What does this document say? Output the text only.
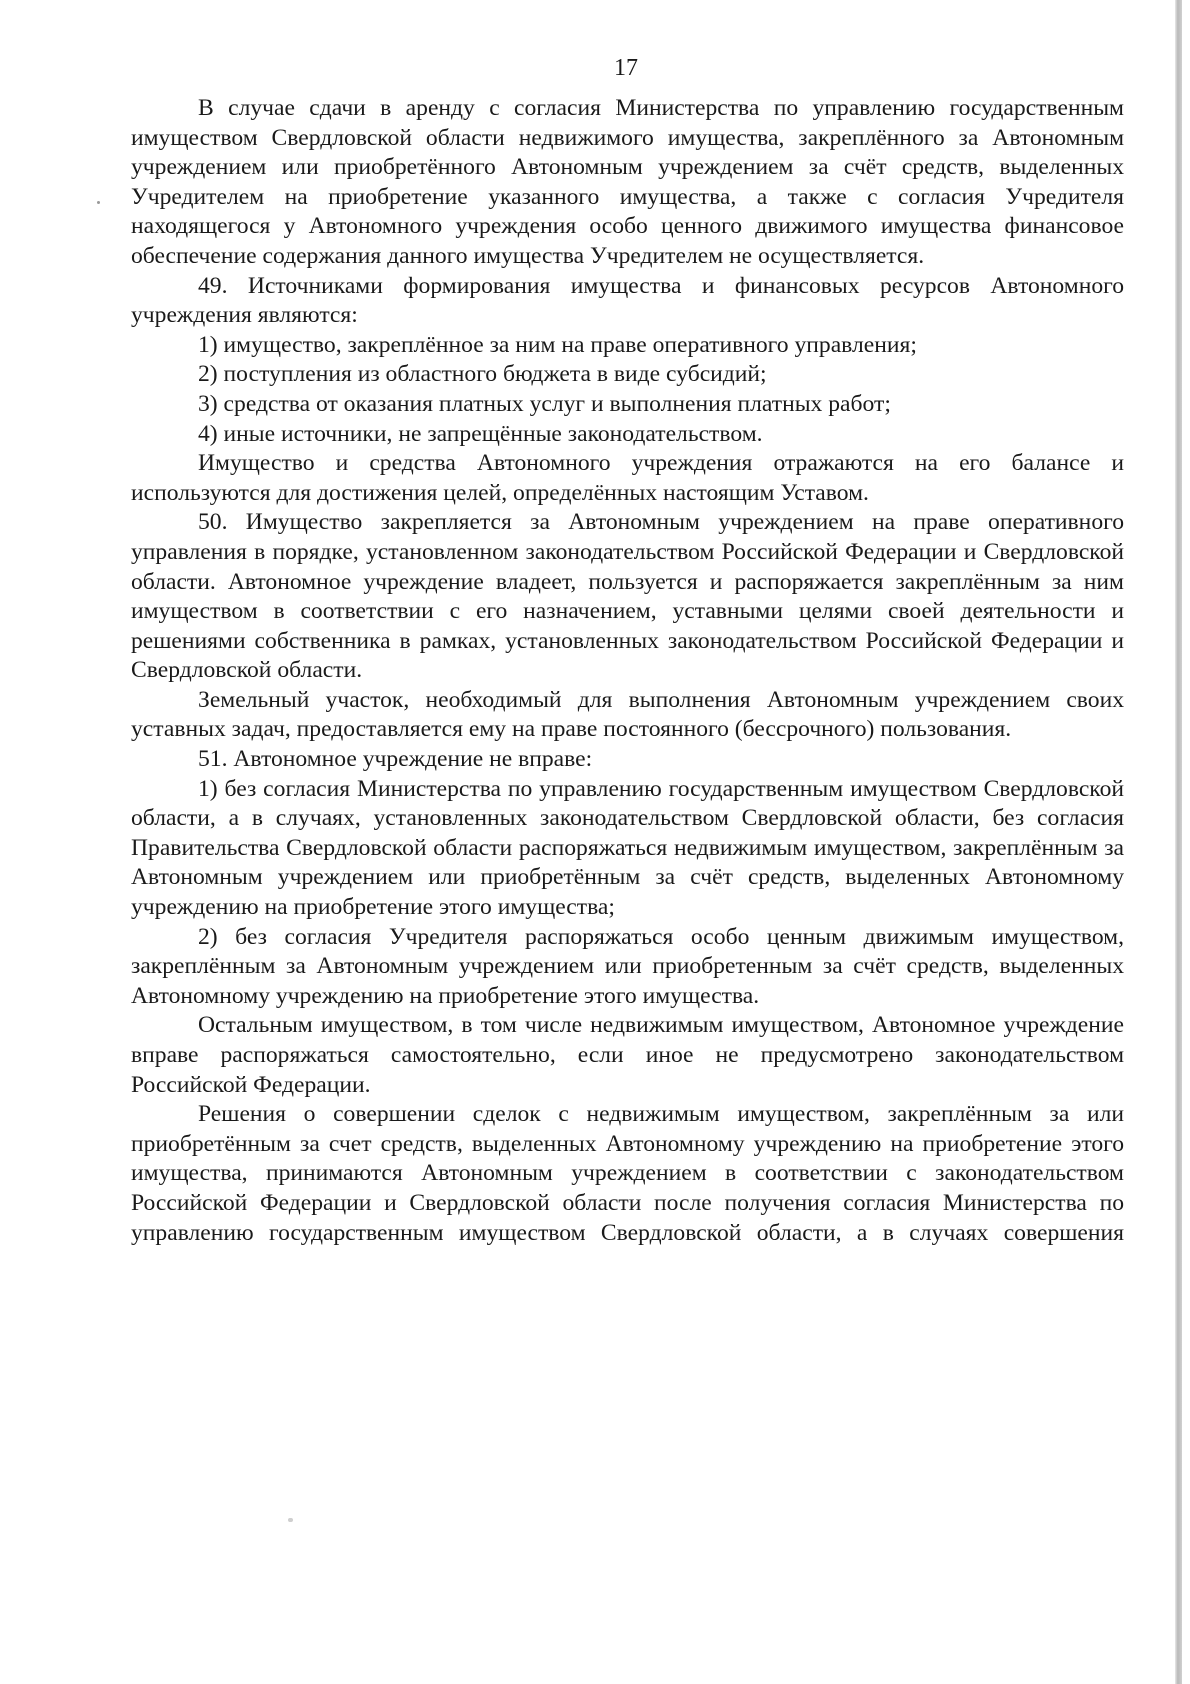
17

В случае сдачи в аренду с согласия Министерства по управлению государственным имуществом Свердловской области недвижимого имущества, закреплённого за Автономным учреждением или приобретённого Автономным учреждением за счёт средств, выделенных Учредителем на приобретение указанного имущества, а также с согласия Учредителя находящегося у Автономного учреждения особо ценного движимого имущества финансовое обеспечение содержания данного имущества Учредителем не осуществляется.

49. Источниками формирования имущества и финансовых ресурсов Автономного учреждения являются:

1) имущество, закреплённое за ним на праве оперативного управления;

2) поступления из областного бюджета в виде субсидий;

3) средства от оказания платных услуг и выполнения платных работ;

4) иные источники, не запрещённые законодательством.

Имущество и средства Автономного учреждения отражаются на его балансе и используются для достижения целей, определённых настоящим Уставом.

50. Имущество закрепляется за Автономным учреждением на праве оперативного управления в порядке, установленном законодательством Российской Федерации и Свердловской области. Автономное учреждение владеет, пользуется и распоряжается закреплённым за ним имуществом в соответствии с его назначением, уставными целями своей деятельности и решениями собственника в рамках, установленных законодательством Российской Федерации и Свердловской области.

Земельный участок, необходимый для выполнения Автономным учреждением своих уставных задач, предоставляется ему на праве постоянного (бессрочного) пользования.

51. Автономное учреждение не вправе:

1) без согласия Министерства по управлению государственным имуществом Свердловской области, а в случаях, установленных законодательством Свердловской области, без согласия Правительства Свердловской области распоряжаться недвижимым имуществом, закреплённым за Автономным учреждением или приобретённым за счёт средств, выделенных Автономному учреждению на приобретение этого имущества;

2) без согласия Учредителя распоряжаться особо ценным движимым имуществом, закреплённым за Автономным учреждением или приобретенным за счёт средств, выделенных Автономному учреждению на приобретение этого имущества.

Остальным имуществом, в том числе недвижимым имуществом, Автономное учреждение вправе распоряжаться самостоятельно, если иное не предусмотрено законодательством Российской Федерации.

Решения о совершении сделок с недвижимым имуществом, закреплённым за или приобретённым за счет средств, выделенных Автономному учреждению на приобретение этого имущества, принимаются Автономным учреждением в соответствии с законодательством Российской Федерации и Свердловской области после получения согласия Министерства по управлению государственным имуществом Свердловской области, а в случаях совершения
